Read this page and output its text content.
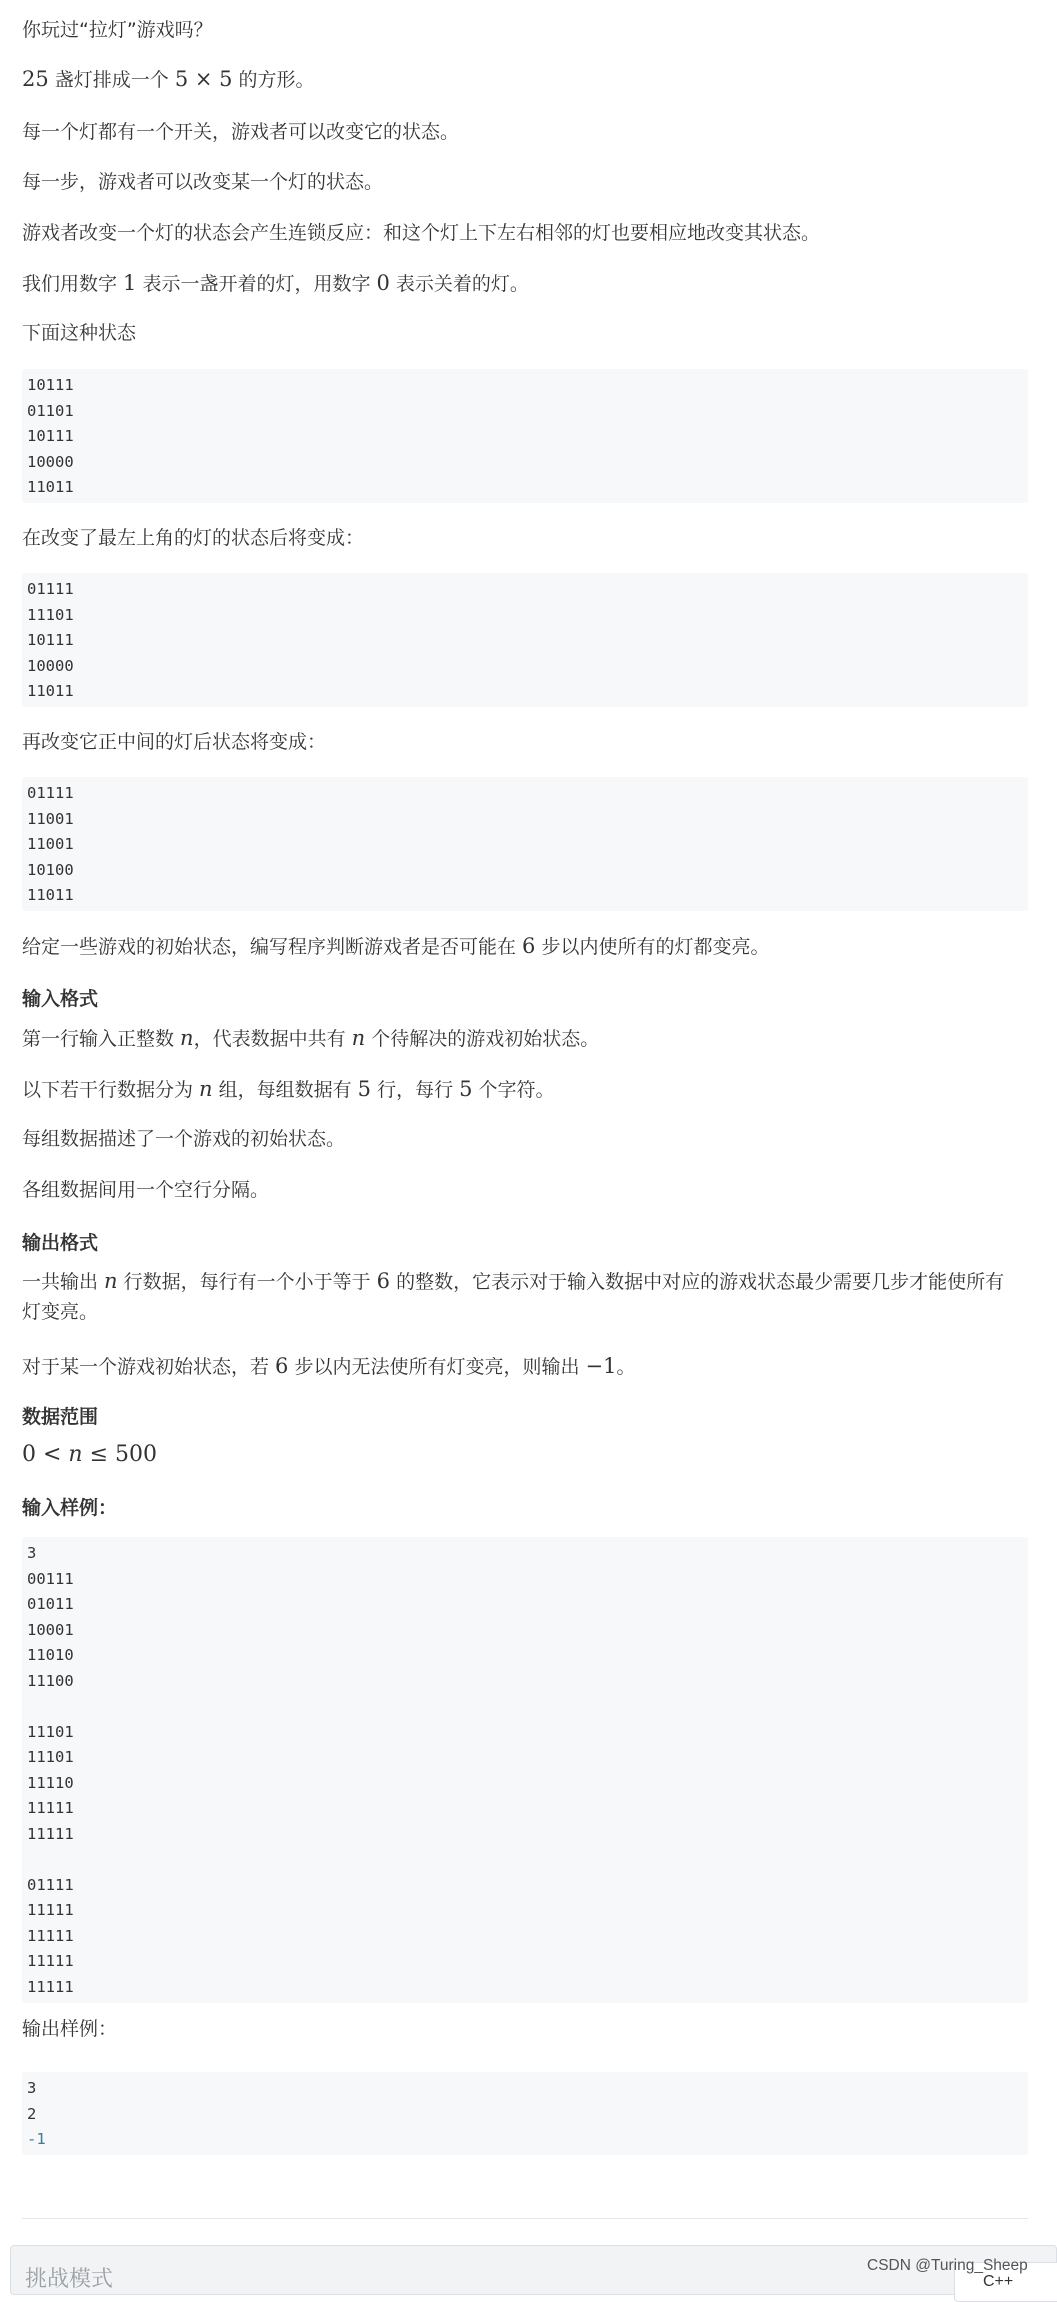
你玩过“拉灯”游戏吗？

25 盏灯排成一个 5 × 5 的方形。

每一个灯都有一个开关，游戏者可以改变它的状态。

每一步，游戏者可以改变某一个灯的状态。

游戏者改变一个灯的状态会产生连锁反应：和这个灯上下左右相邻的灯也要相应地改变其状态。

我们用数字 1 表示一盏开着的灯，用数字 0 表示关着的灯。

下面这种状态

10111
01101
10111
10000
11011

在改变了最左上角的灯的状态后将变成：

01111
11101
10111
10000
11011

再改变它正中间的灯后状态将变成：

01111
11001
11001
10100
11011

给定一些游戏的初始状态，编写程序判断游戏者是否可能在 6 步以内使所有的灯都变亮。

输入格式

第一行输入正整数 n，代表数据中共有 n 个待解决的游戏初始状态。

以下若干行数据分为 n 组，每组数据有 5 行，每行 5 个字符。

每组数据描述了一个游戏的初始状态。

各组数据间用一个空行分隔。

输出格式

一共输出 n 行数据，每行有一个小于等于 6 的整数，它表示对于输入数据中对应的游戏状态最少需要几步才能使所有灯变亮。

对于某一个游戏初始状态，若 6 步以内无法使所有灯变亮，则输出 −1。

数据范围

0 < n ≤ 500

输入样例：
3
00111
01011
10001
11010
11100
11101
11101
11110
11111
11111
01111
11111
11111
11111
11111

输出样例：

3
2
-1
挑战模式	C++
CSDN @Turing_Sheep
